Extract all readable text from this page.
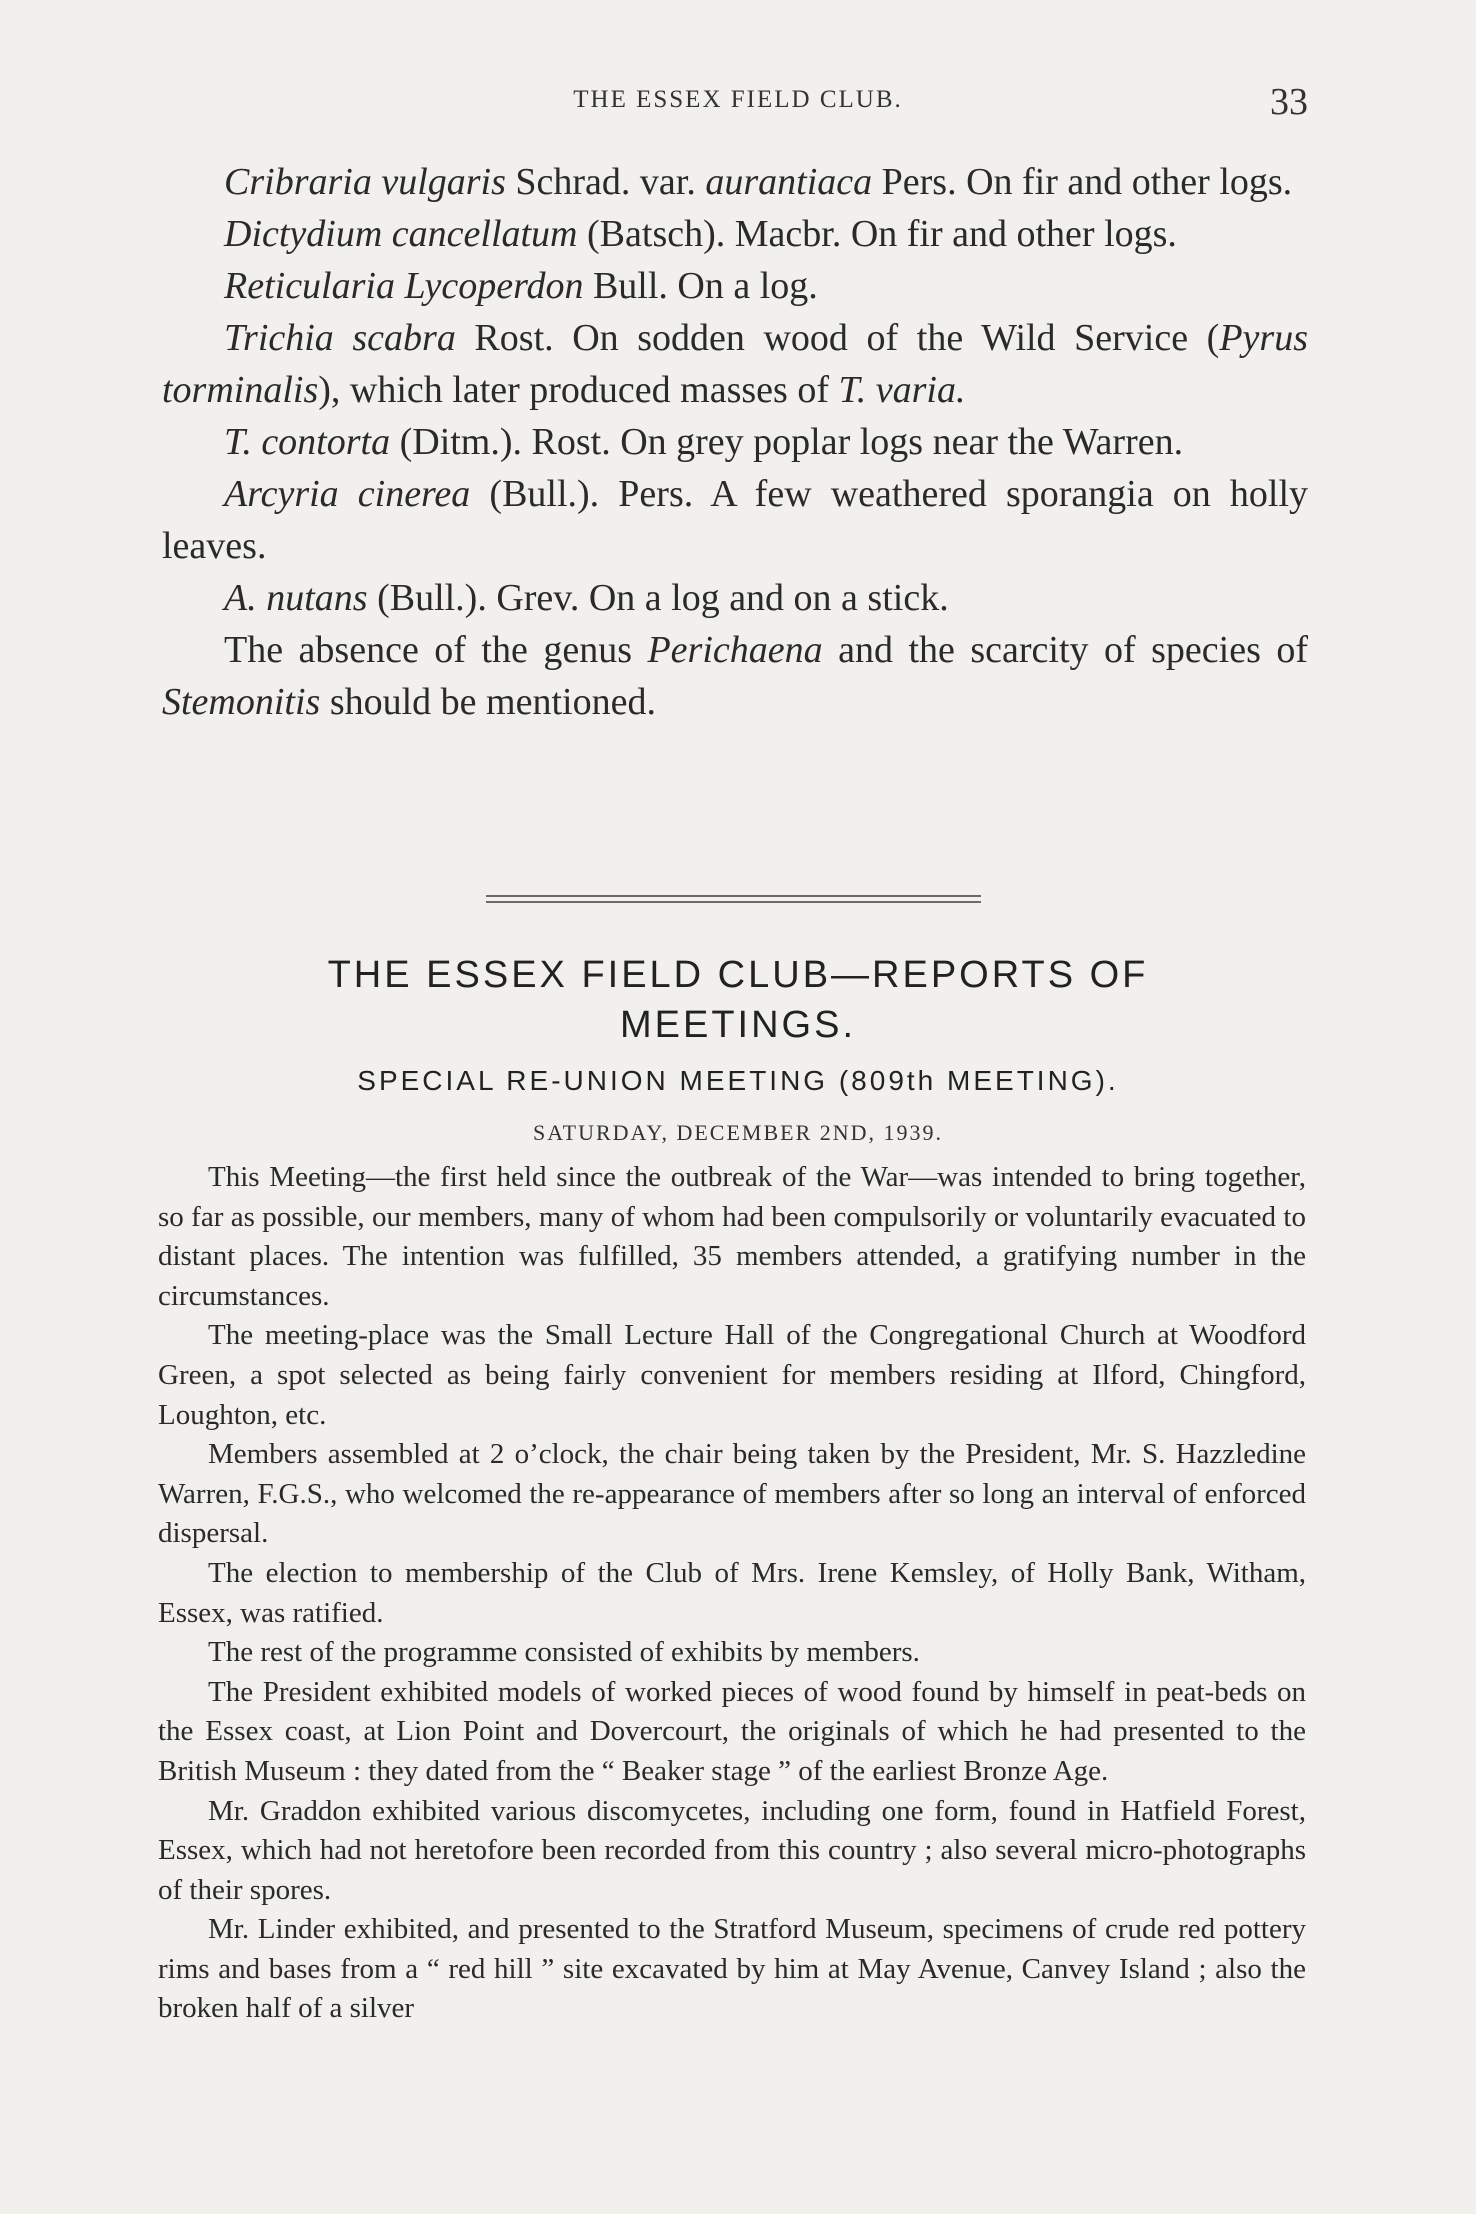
THE ESSEX FIELD CLUB.	33

Cribraria vulgaris Schrad. var. aurantiaca Pers. On fir and other logs.

Dictydium cancellatum (Batsch). Macbr. On fir and other logs.

Reticularia Lycoperdon Bull. On a log.

Trichia scabra Rost. On sodden wood of the Wild Service (Pyrus torminalis), which later produced masses of T. varia.

T. contorta (Ditm.). Rost. On grey poplar logs near the Warren.

Arcyria cinerea (Bull.). Pers. A few weathered sporangia on holly leaves.

A. nutans (Bull.). Grev. On a log and on a stick.

The absence of the genus Perichaena and the scarcity of species of Stemonitis should be mentioned.

THE ESSEX FIELD CLUB—REPORTS OF
MEETINGS.
SPECIAL RE-UNION MEETING (809th MEETING).
SATURDAY, DECEMBER 2ND, 1939.

This Meeting—the first held since the outbreak of the War—was intended to bring together, so far as possible, our members, many of whom had been compulsorily or voluntarily evacuated to distant places. The intention was fulfilled, 35 members attended, a gratifying number in the circumstances.

The meeting-place was the Small Lecture Hall of the Congregational Church at Woodford Green, a spot selected as being fairly convenient for members residing at Ilford, Chingford, Loughton, etc.

Members assembled at 2 o’clock, the chair being taken by the President, Mr. S. Hazzledine Warren, F.G.S., who welcomed the re-appearance of members after so long an interval of enforced dispersal.

The election to membership of the Club of Mrs. Irene Kemsley, of Holly Bank, Witham, Essex, was ratified.

The rest of the programme consisted of exhibits by members.

The President exhibited models of worked pieces of wood found by himself in peat-beds on the Essex coast, at Lion Point and Dovercourt, the originals of which he had presented to the British Museum : they dated from the “ Beaker stage ” of the earliest Bronze Age.

Mr. Graddon exhibited various discomycetes, including one form, found in Hatfield Forest, Essex, which had not heretofore been recorded from this country ; also several micro-photographs of their spores.

Mr. Linder exhibited, and presented to the Stratford Museum, specimens of crude red pottery rims and bases from a “ red hill ” site excavated by him at May Avenue, Canvey Island ; also the broken half of a silver
